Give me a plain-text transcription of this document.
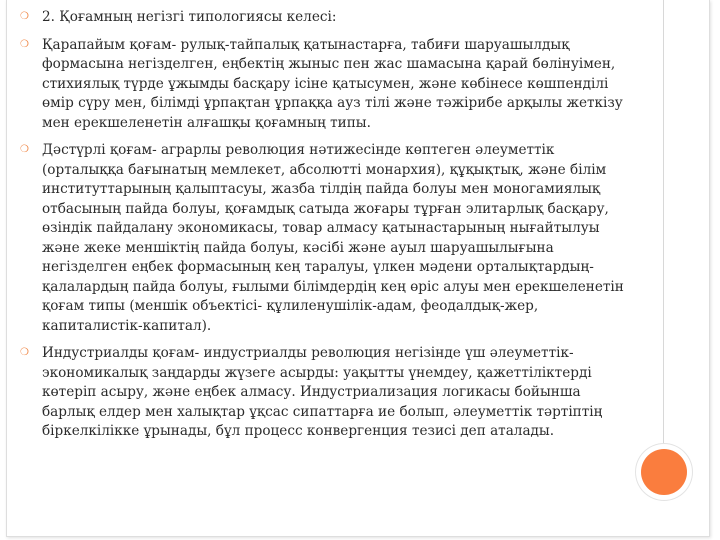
❍ 2. Қоғамның негізгі типологиясы келесі:
❍ Қарапайым қоғам- рулық-тайпалық қатынастарға, табиғи шаруашылдық формасына негізделген, еңбектің жыныс пен жас шамасына қарай бөлінуімен, стихиялық түрде ұжымды басқару ісіне қатысумен, және көбінесе көшпенділі өмір сүру мен, білімді ұрпақтан ұрпаққа ауз тілі және тәжірибе арқылы жеткізу мен ерекшеленетін алғашқы қоғамның типы.
❍ Дәстүрлі қоғам- аграрлы революция нәтижесінде көптеген әлеуметтік (орталыққа бағынатың мемлекет, абсолютті монархия), құқықтық, және білім институттарының қалыптасуы, жазба тілдің пайда болуы мен моногамиялық отбасының пайда болуы, қоғамдық сатыда жоғары тұрған элитарлық басқару, өзіндік пайдалану экономикасы, товар алмасу қатынастарының нығайтылуы және жеке меншіктің пайда болуы, кәсібі және ауыл шаруашылығына негізделген еңбек формасының кең таралуы, үлкен мәдени орталықтардың-қалалардың пайда болуы, ғылыми білімдердің кең өріс алуы мен ерекшеленетін қоғам типы (меншік объектісі- құлиленушілік-адам, феодалдық-жер, капиталистік-капитал).
❍ Индустриалды қоғам- индустриалды революция негізінде үш әлеуметтік-экономикалық заңдарды жүзеге асырды: уақытты үнемдеу, қажеттіліктерді көтеріп асыру, және еңбек алмасу. Индустриализация логикасы бойынша барлық елдер мен халықтар ұқсас сипаттарға ие болып, әлеуметтік тәртіптің біркелкілікке ұрынады, бұл процесс конвергенция тезисі деп аталады.
